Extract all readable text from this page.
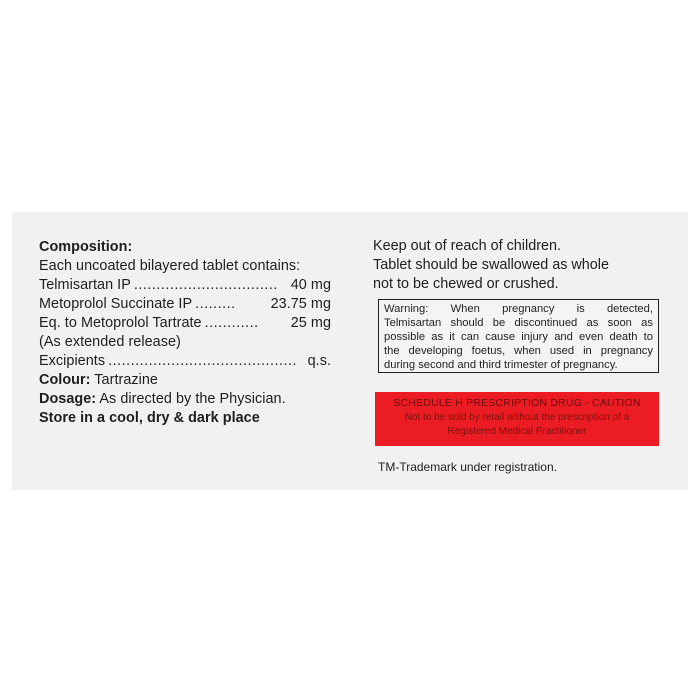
Composition:

Each uncoated bilayered tablet contains:

Telmisartan IP ................................ 40 mg
Metoprolol Succinate IP .........	23.75 mg
Eq. to Metoprolol Tartrate ............	25 mg

(As extended release)

Excipients .......................................... q.s.

Colour: Tartrazine

Dosage: As directed by the Physician.

Store in a cool, dry & dark place

Keep out of reach of children.

Tablet should be swallowed as whole

not to be chewed or crushed.

Warning: When pregnancy is detected,

Telmisartan should be discontinued as soon as

possible as it can cause injury and even death to

the developing foetus, when used in pregnancy

during second and third trimester of pregnancy.

SCHEDULE H PRESCRIPTION DRUG - CAUTION

Not to be sold by retail without the prescription of a

Registered Medical Practitioner

TM-Trademark under registration.
